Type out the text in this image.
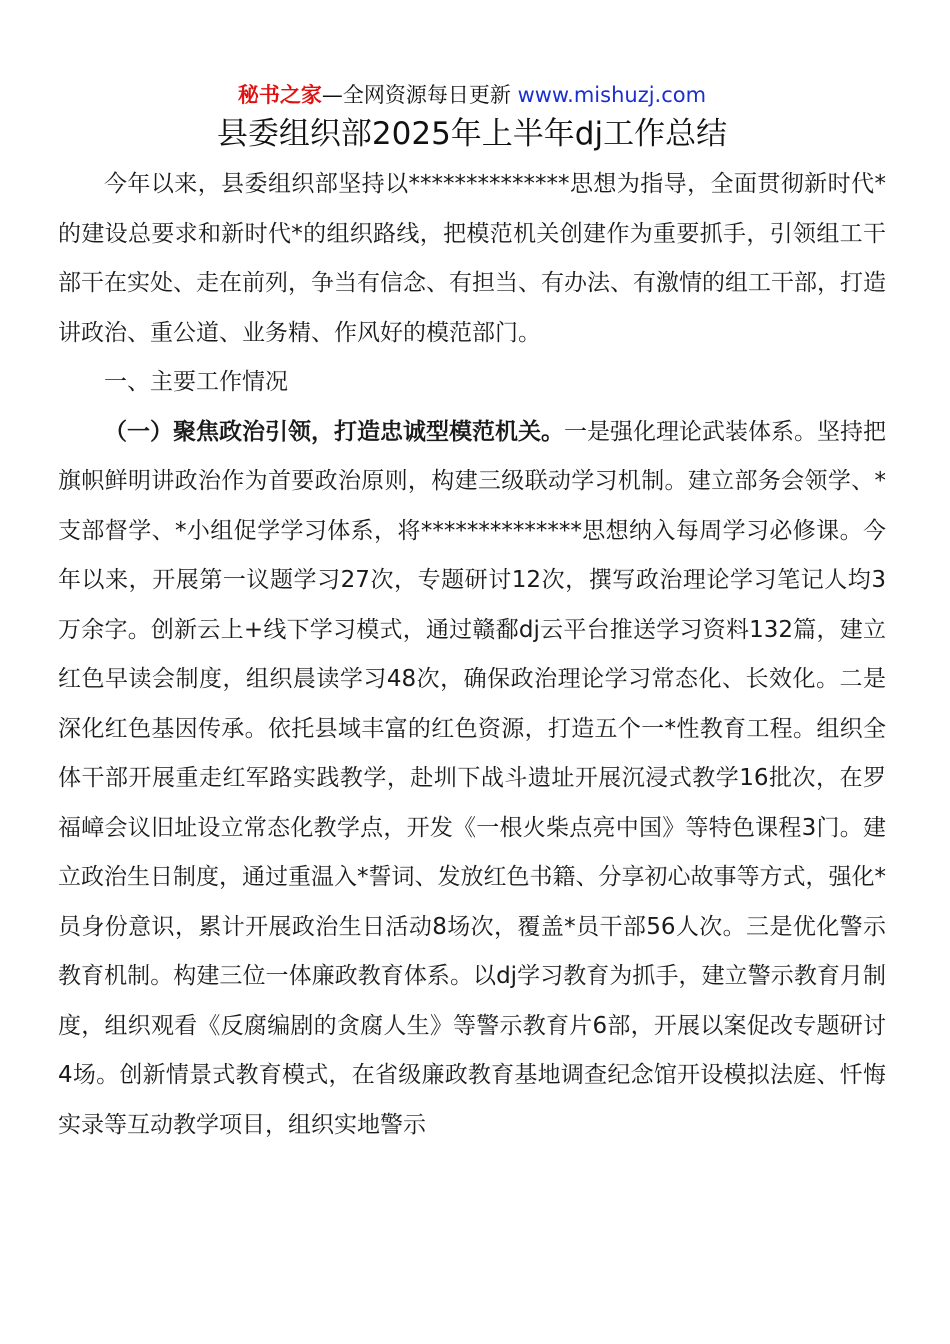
秘书之家—全网资源每日更新 www.mishuzj.com
县委组织部2025年上半年dj工作总结

今年以来，县委组织部坚持以**************思想为指导，全面贯彻新时代*的建设总要求和新时代*的组织路线，把模范机关创建作为重要抓手，引领组工干部干在实处、走在前列，争当有信念、有担当、有办法、有激情的组工干部，打造讲政治、重公道、业务精、作风好的模范部门。

一、主要工作情况

（一）聚焦政治引领，打造忠诚型模范机关。一是强化理论武装体系。坚持把旗帜鲜明讲政治作为首要政治原则，构建三级联动学习机制。建立部务会领学、*支部督学、*小组促学学习体系，将**************思想纳入每周学习必修课。今年以来，开展第一议题学习27次，专题研讨12次，撰写政治理论学习笔记人均3万余字。创新云上+线下学习模式，通过赣鄱dj云平台推送学习资料132篇，建立红色早读会制度，组织晨读学习48次，确保政治理论学习常态化、长效化。二是深化红色基因传承。依托县域丰富的红色资源，打造五个一*性教育工程。组织全体干部开展重走红军路实践教学，赴圳下战斗遗址开展沉浸式教学16批次，在罗福嶂会议旧址设立常态化教学点，开发《一根火柴点亮中国》等特色课程3门。建立政治生日制度，通过重温入*誓词、发放红色书籍、分享初心故事等方式，强化*员身份意识，累计开展政治生日活动8场次，覆盖*员干部56人次。三是优化警示教育机制。构建三位一体廉政教育体系。以dj学习教育为抓手，建立警示教育月制度，组织观看《反腐编剧的贪腐人生》等警示教育片6部，开展以案促改专题研讨4场。创新情景式教育模式，在省级廉政教育基地调查纪念馆开设模拟法庭、忏悔实录等互动教学项目，组织实地警示
